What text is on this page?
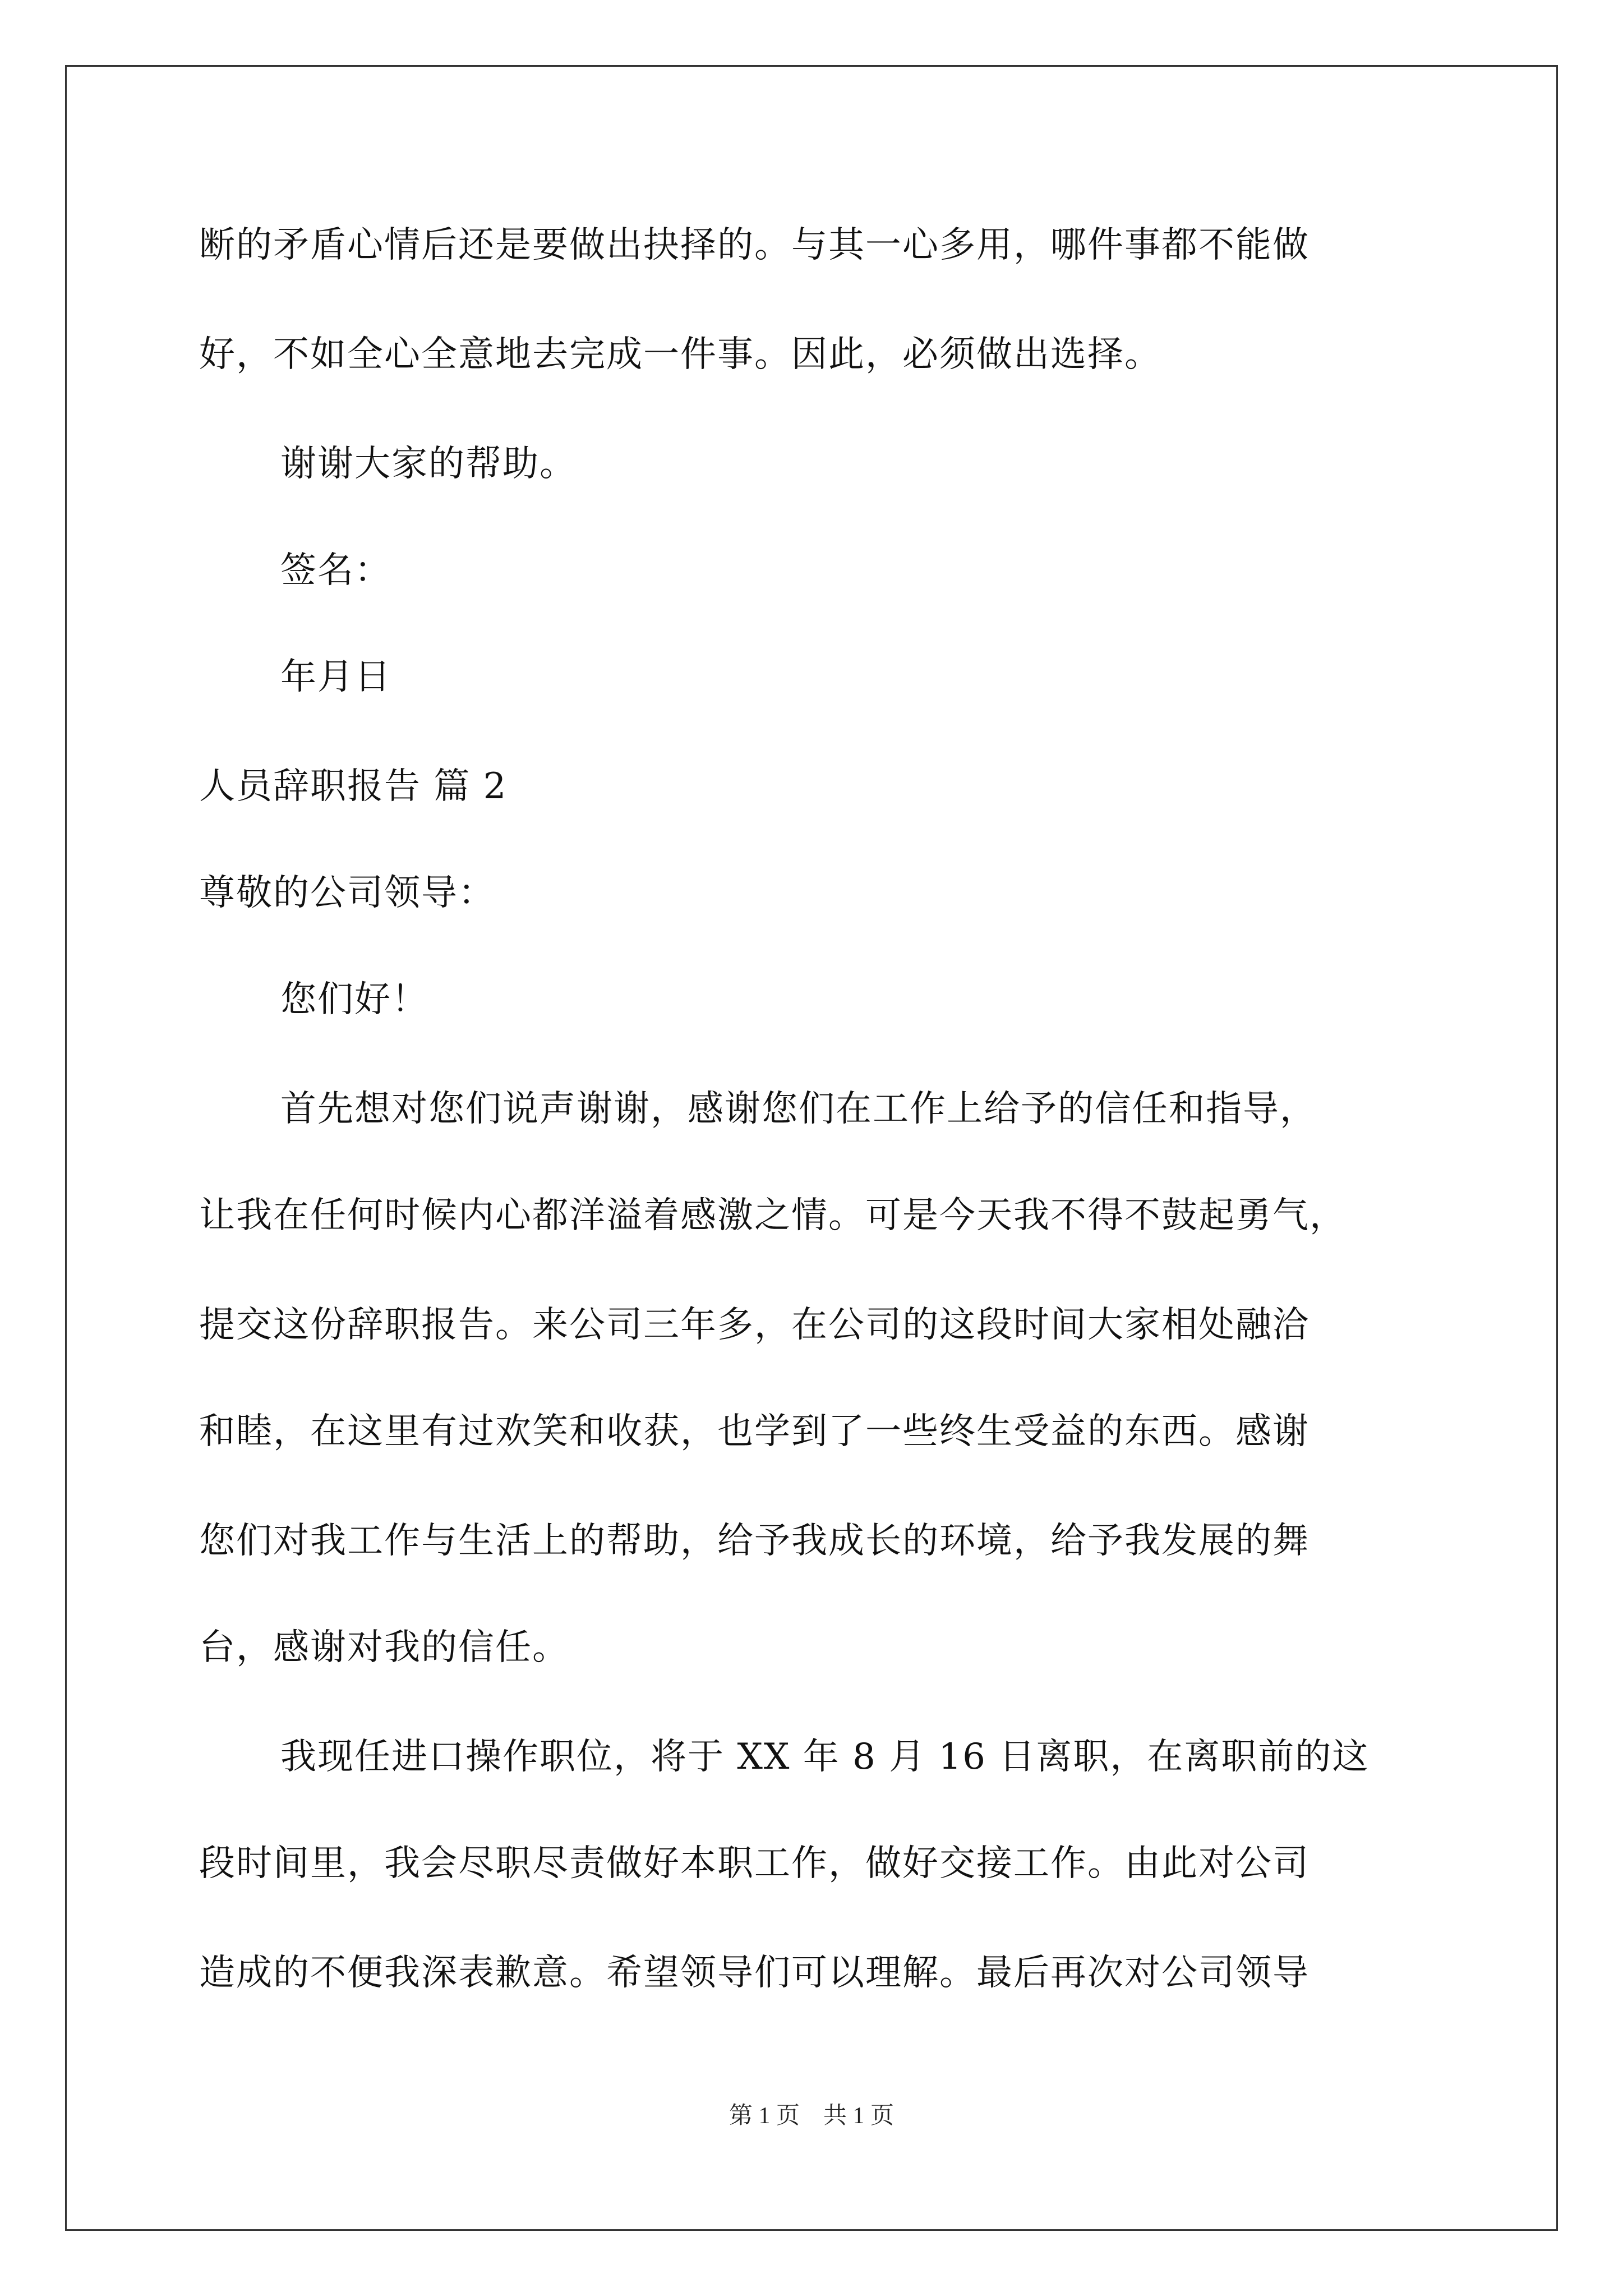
断的矛盾心情后还是要做出抉择的。与其一心多用，哪件事都不能做
好，不如全心全意地去完成一件事。因此，必须做出选择。
谢谢大家的帮助。
签名：
年月日
人员辞职报告 篇 2
尊敬的公司领导：
您们好！
首先想对您们说声谢谢，感谢您们在工作上给予的信任和指导，
让我在任何时候内心都洋溢着感激之情。可是今天我不得不鼓起勇气，
提交这份辞职报告。来公司三年多，在公司的这段时间大家相处融洽
和睦，在这里有过欢笑和收获，也学到了一些终生受益的东西。感谢
您们对我工作与生活上的帮助，给予我成长的环境，给予我发展的舞
台，感谢对我的信任。
我现任进口操作职位，将于 XX 年 8 月 16 日离职，在离职前的这
段时间里，我会尽职尽责做好本职工作，做好交接工作。由此对公司
造成的不便我深表歉意。希望领导们可以理解。最后再次对公司领导
第 1 页　共 1 页
